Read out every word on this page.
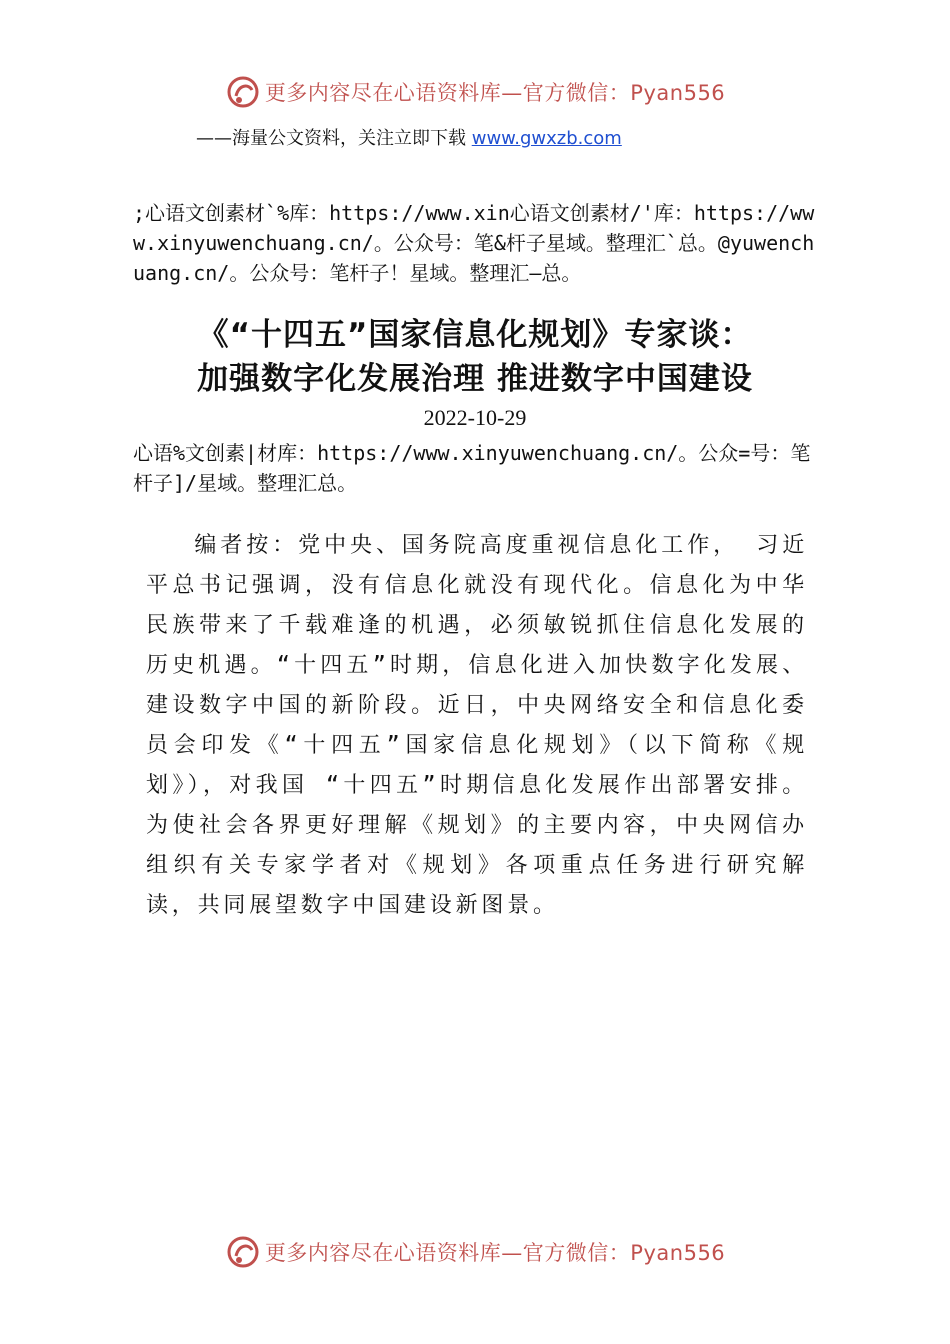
更多内容尽在心语资料库—官方微信：Pyan556
——海量公文资料，关注立即下载 www.gwxzb.com
;心语文创素材`%库：https://www.xin心语文创素材/'库：https://www.xinyuwenchuang.cn/。公众号：笔&杆子星域。整理汇`总。@yuwenchuang.cn/。公众号：笔杆子！星域。整理汇—总。
《“十四五”国家信息化规划》专家谈：
加强数字化发展治理 推进数字中国建设
2022-10-29
心语%文创素|材库：https://www.xinyuwenchuang.cn/。公众=号：笔杆子]/星域。整理汇总。
编者按：党中央、国务院高度重视信息化工作， 习近平总书记强调，没有信息化就没有现代化。信息化为中华民族带来了千载难逢的机遇，必须敏锐抓住信息化发展的历史机遇。“十四五”时期，信息化进入加快数字化发展、建设数字中国的新阶段。近日，中央网络安全和信息化委员会印发《“十四五”国家信息化规划》（以下简称《规划》），对我国 “十四五”时期信息化发展作出部署安排。为使社会各界更好理解《规划》的主要内容，中央网信办组织有关专家学者对《规划》各项重点任务进行研究解读，共同展望数字中国建设新图景。
更多内容尽在心语资料库—官方微信：Pyan556
